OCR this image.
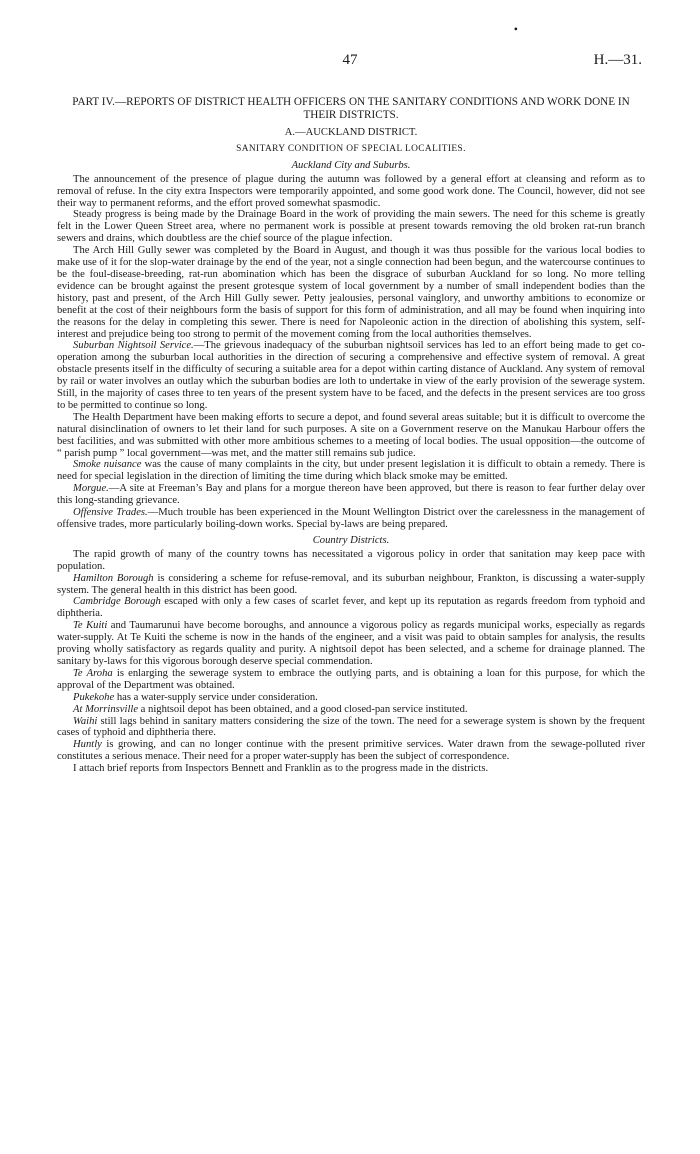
•
47	H.—31.
PART IV.—REPORTS OF DISTRICT HEALTH OFFICERS ON THE SANITARY CONDITIONS AND WORK DONE IN THEIR DISTRICTS.
A.—AUCKLAND DISTRICT.
SANITARY CONDITION OF SPECIAL LOCALITIES.
Auckland City and Suburbs.

The announcement of the presence of plague during the autumn was followed by a general effort at cleansing and reform as to removal of refuse. In the city extra Inspectors were temporarily appointed, and some good work done. The Council, however, did not see their way to permanent reforms, and the effort proved somewhat spasmodic.

Steady progress is being made by the Drainage Board in the work of providing the main sewers. The need for this scheme is greatly felt in the Lower Queen Street area, where no permanent work is possible at present towards removing the old broken rat-run branch sewers and drains, which doubtless are the chief source of the plague infection.

The Arch Hill Gully sewer was completed by the Board in August, and though it was thus possible for the various local bodies to make use of it for the slop-water drainage by the end of the year, not a single connection had been begun, and the watercourse continues to be the foul-disease-breeding, rat-run abomination which has been the disgrace of suburban Auckland for so long. No more telling evidence can be brought against the present grotesque system of local government by a number of small independent bodies than the history, past and present, of the Arch Hill Gully sewer. Petty jealousies, personal vainglory, and unworthy ambitions to economize or benefit at the cost of their neighbours form the basis of support for this form of administration, and all may be found when inquiring into the reasons for the delay in completing this sewer. There is need for Napoleonic action in the direction of abolishing this system, self-interest and prejudice being too strong to permit of the movement coming from the local authorities themselves.

Suburban Nightsoil Service.—The grievous inadequacy of the suburban nightsoil services has led to an effort being made to get co-operation among the suburban local authorities in the direction of securing a comprehensive and effective system of removal. A great obstacle presents itself in the difficulty of securing a suitable area for a depot within carting distance of Auckland. Any system of removal by rail or water involves an outlay which the suburban bodies are loth to undertake in view of the early provision of the sewerage system. Still, in the majority of cases three to ten years of the present system have to be faced, and the defects in the present services are too gross to be permitted to continue so long.

The Health Department have been making efforts to secure a depot, and found several areas suitable; but it is difficult to overcome the natural disinclination of owners to let their land for such purposes. A site on a Government reserve on the Manukau Harbour offers the best facilities, and was submitted with other more ambitious schemes to a meeting of local bodies. The usual opposition—the outcome of “ parish pump ” local government—was met, and the matter still remains sub judice.

Smoke nuisance was the cause of many complaints in the city, but under present legislation it is difficult to obtain a remedy. There is need for special legislation in the direction of limiting the time during which black smoke may be emitted.

Morgue.—A site at Freeman’s Bay and plans for a morgue thereon have been approved, but there is reason to fear further delay over this long-standing grievance.

Offensive Trades.—Much trouble has been experienced in the Mount Wellington District over the carelessness in the management of offensive trades, more particularly boiling-down works. Special by-laws are being prepared.

Country Districts.

The rapid growth of many of the country towns has necessitated a vigorous policy in order that sanitation may keep pace with population.

Hamilton Borough is considering a scheme for refuse-removal, and its suburban neighbour, Frankton, is discussing a water-supply system. The general health in this district has been good.

Cambridge Borough escaped with only a few cases of scarlet fever, and kept up its reputation as regards freedom from typhoid and diphtheria.

Te Kuiti and Taumarunui have become boroughs, and announce a vigorous policy as regards municipal works, especially as regards water-supply. At Te Kuiti the scheme is now in the hands of the engineer, and a visit was paid to obtain samples for analysis, the results proving wholly satisfactory as regards quality and purity. A nightsoil depot has been selected, and a scheme for drainage planned. The sanitary by-laws for this vigorous borough deserve special commendation.

Te Aroha is enlarging the sewerage system to embrace the outlying parts, and is obtaining a loan for this purpose, for which the approval of the Department was obtained.

Pukekohe has a water-supply service under consideration.

At Morrinsville a nightsoil depot has been obtained, and a good closed-pan service instituted.

Waihi still lags behind in sanitary matters considering the size of the town. The need for a sewerage system is shown by the frequent cases of typhoid and diphtheria there.

Huntly is growing, and can no longer continue with the present primitive services. Water drawn from the sewage-polluted river constitutes a serious menace. Their need for a proper water-supply has been the subject of correspondence.

I attach brief reports from Inspectors Bennett and Franklin as to the progress made in the districts.
